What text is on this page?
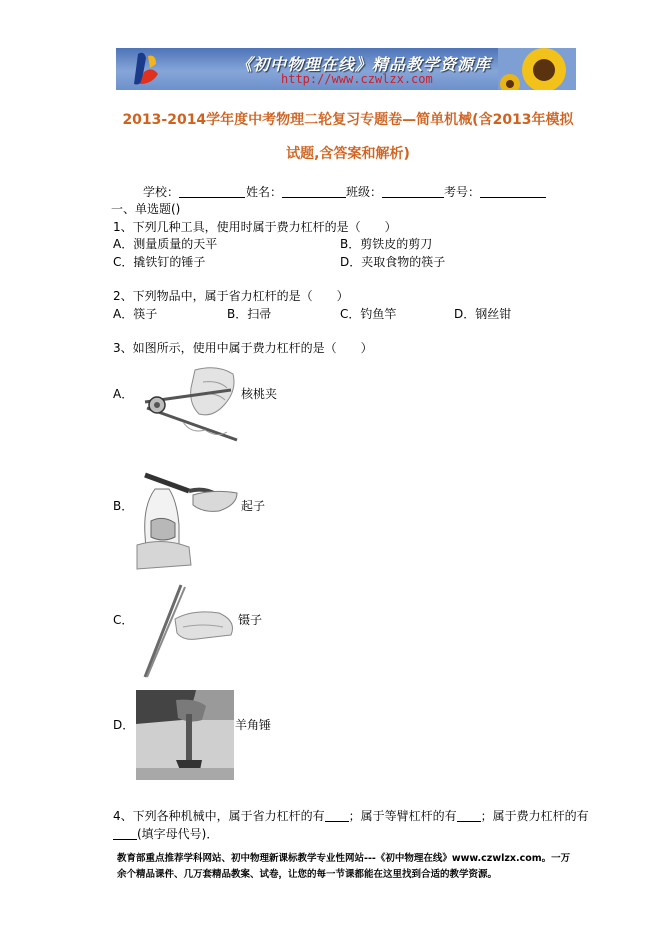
《初中物理在线》精品教学资源库
http://www.czwlzx.com
2013-2014学年度中考物理二轮复习专题卷—简单机械(含2013年模拟试题,含答案和解析)
学校：	姓名：	班级：	考号：
一、单选题()
1、下列几种工具，使用时属于费力杠杆的是（　　）
A．测量质量的天平	B．剪铁皮的剪刀
C．撬铁钉的锤子	D．夹取食物的筷子
2、下列物品中，属于省力杠杆的是（　　）
A．筷子	B．扫帚	C．钓鱼竿	D．钢丝钳
3、如图所示，使用中属于费力杠杆的是（　　）
A．	核桃夹
B．	起子
C．	镊子
D．	羊角锤
4、下列各种机械中，属于省力杠杆的有 ；属于等臂杠杆的有 ；属于费力杠杆的有
(填字母代号)．
教育部重点推荐学科网站、初中物理新课标教学专业性网站---《初中物理在线》www.czwlzx.com。一万余个精品课件、几万套精品教案、试卷，让您的每一节课都能在这里找到合适的教学资源。
